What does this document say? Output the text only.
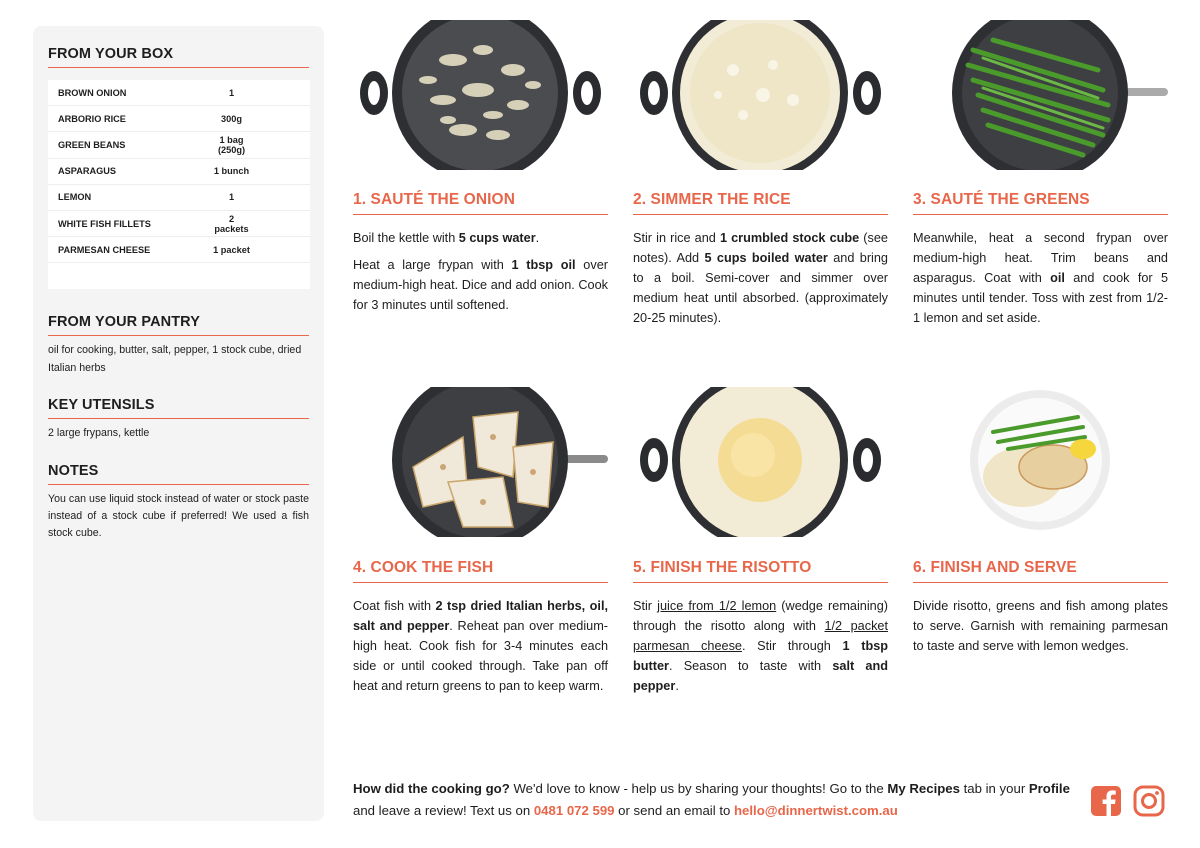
FROM YOUR BOX
BROWN ONION	1
ARBORIO RICE	300g
GREEN BEANS	1 bag (250g)
ASPARAGUS	1 bunch
LEMON	1
WHITE FISH FILLETS	2 packets
PARMESAN CHEESE	1 packet
FROM YOUR PANTRY
oil for cooking, butter, salt, pepper, 1 stock cube, dried Italian herbs
KEY UTENSILS
2 large frypans, kettle
NOTES
You can use liquid stock instead of water or stock paste instead of a stock cube if preferred! We used a fish stock cube.
1. SAUTÉ THE ONION

Boil the kettle with 5 cups water.

Heat a large frypan with 1 tbsp oil over medium-high heat. Dice and add onion. Cook for 3 minutes until softened.

2. SIMMER THE RICE

Stir in rice and 1 crumbled stock cube (see notes). Add 5 cups boiled water and bring to a boil. Semi-cover and simmer over medium heat until absorbed. (approximately 20-25 minutes).

3. SAUTÉ THE GREENS

Meanwhile, heat a second frypan over medium-high heat. Trim beans and asparagus. Coat with oil and cook for 5 minutes until tender. Toss with zest from 1/2-1 lemon and set aside.

4. COOK THE FISH

Coat fish with 2 tsp dried Italian herbs, oil, salt and pepper. Reheat pan over medium-high heat. Cook fish for 3-4 minutes each side or until cooked through. Take pan off heat and return greens to pan to keep warm.

5. FINISH THE RISOTTO

Stir juice from 1/2 lemon (wedge remaining) through the risotto along with 1/2 packet parmesan cheese. Stir through 1 tbsp butter. Season to taste with salt and pepper.

6. FINISH AND SERVE

Divide risotto, greens and fish among plates to serve. Garnish with remaining parmesan to taste and serve with lemon wedges.

How did the cooking go? We'd love to know - help us by sharing your thoughts! Go to the My Recipes tab in your Profile and leave a review! Text us on 0481 072 599 or send an email to hello@dinnertwist.com.au
